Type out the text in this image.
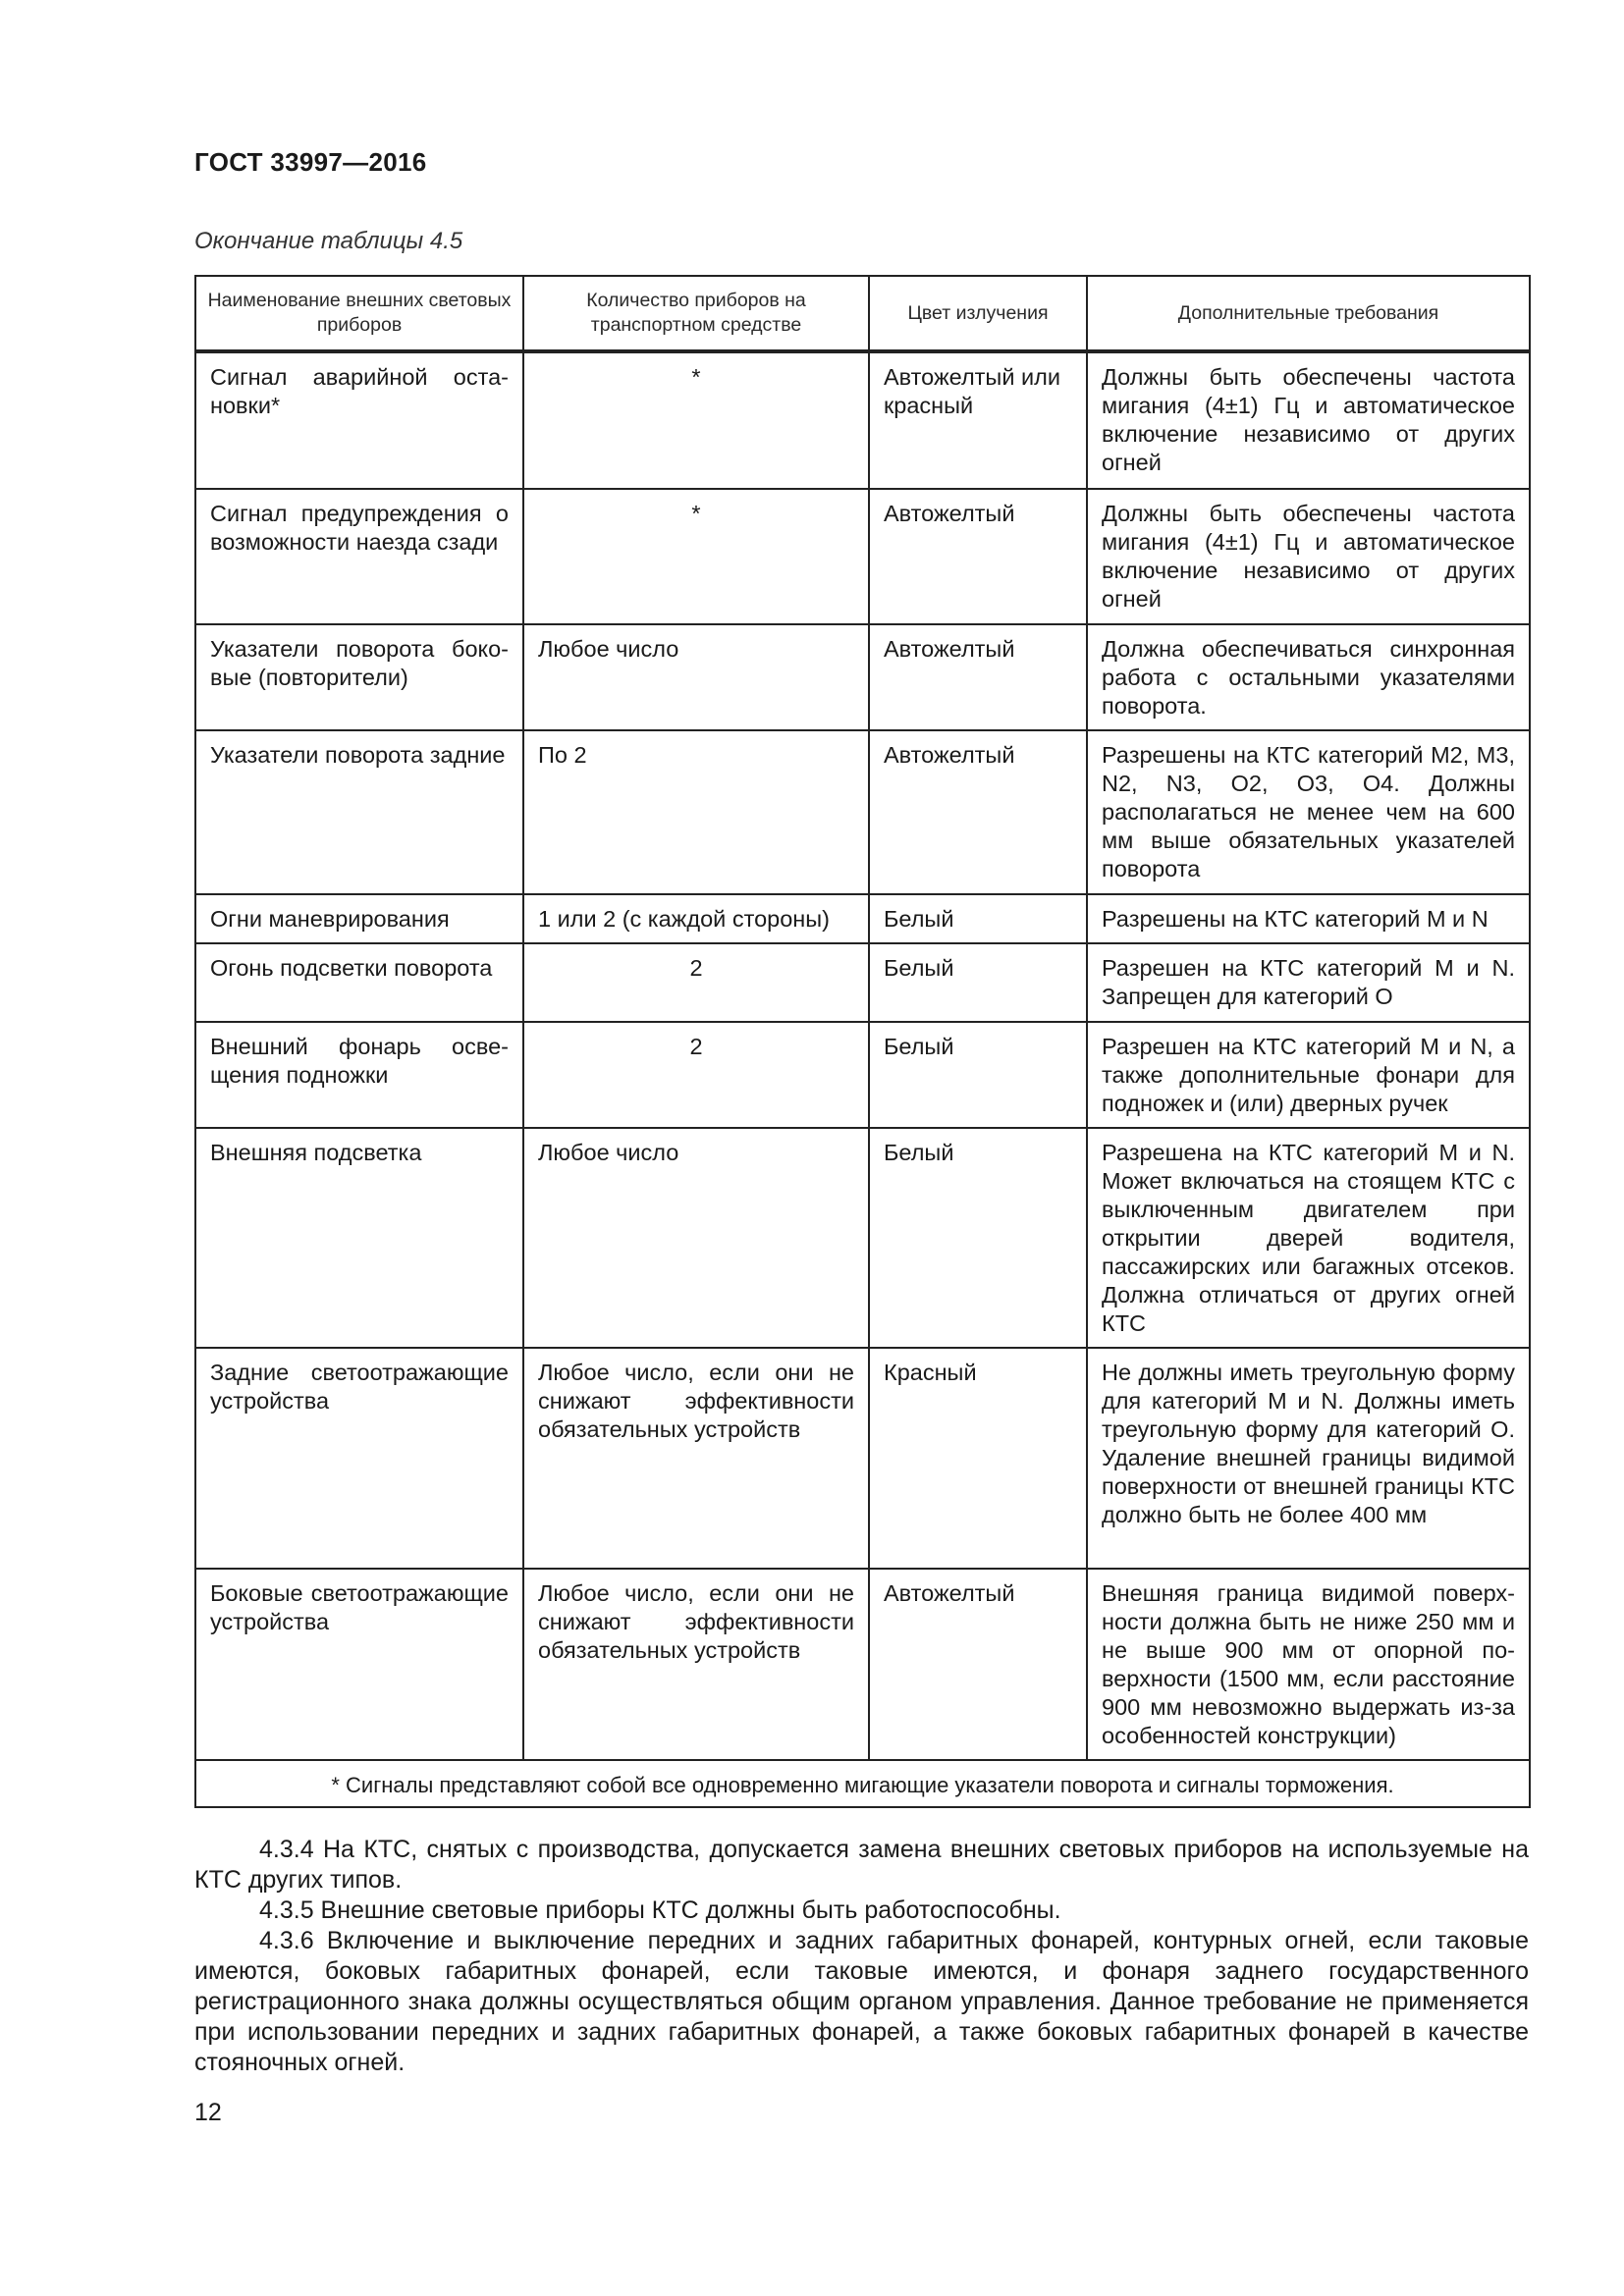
ГОСТ 33997—2016
Окончание таблицы 4.5
Наименование внешних световых приборов	Количество приборов на транспортном средстве	Цвет излучения	Дополнительные требования
Сигнал аварийной остановки*	*	Автожелтый или красный	Должны быть обеспечены частота мигания (4±1) Гц и автоматическое включение независимо от других огней
Сигнал предупреждения о возможности наезда сзади	*	Автожелтый	Должны быть обеспечены частота мигания (4±1) Гц и автоматическое включение независимо от других огней
Указатели поворота боковые (повторители)	Любое число	Автожелтый	Должна обеспечиваться синхронная работа с остальными указателями поворота.
Указатели поворота задние	По 2	Автожелтый	Разрешены на КТС категорий М2, М3, N2, N3, О2, О3, О4. Должны располагаться не менее чем на 600 мм выше обязательных указателей поворота
Огни маневрирования	1 или 2 (с каждой стороны)	Белый	Разрешены на КТС категорий М и N
Огонь подсветки поворота	2	Белый	Разрешен на КТС категорий М и N. Запрещен для категорий О
Внешний фонарь освещения подножки	2	Белый	Разрешен на КТС категорий М и N, а также дополнительные фонари для подножек и (или) дверных ручек
Внешняя подсветка	Любое число	Белый	Разрешена на КТС категорий М и N. Может включаться на стоящем КТС с выключенным двигателем при открытии дверей водителя, пассажирских или багажных отсеков. Должна отличаться от других огней КТС
Задние светоотражающие устройства	Любое число, если они не снижают эффективности обязательных устройств	Красный	Не должны иметь треугольную форму для категорий М и N. Должны иметь треугольную форму для категорий О. Удаление внешней границы видимой поверхности от внешней границы КТС должно быть не более 400 мм
Боковые светоотражающие устройства	Любое число, если они не снижают эффективности обязательных устройств	Автожелтый	Внешняя граница видимой поверхности должна быть не ниже 250 мм и не выше 900 мм от опорной поверхности (1500 мм, если расстояние 900 мм невозможно выдержать из-за особенностей конструкции)
* Сигналы представляют собой все одновременно мигающие указатели поворота и сигналы торможения.			

4.3.4 На КТС, снятых с производства, допускается замена внешних световых приборов на используемые на КТС других типов.

4.3.5 Внешние световые приборы КТС должны быть работоспособны.

4.3.6 Включение и выключение передних и задних габаритных фонарей, контурных огней, если таковые имеются, боковых габаритных фонарей, если таковые имеются, и фонаря заднего государственного регистрационного знака должны осуществляться общим органом управления. Данное требование не применяется при использовании передних и задних габаритных фонарей, а также боковых габаритных фонарей в качестве стояночных огней.

12
